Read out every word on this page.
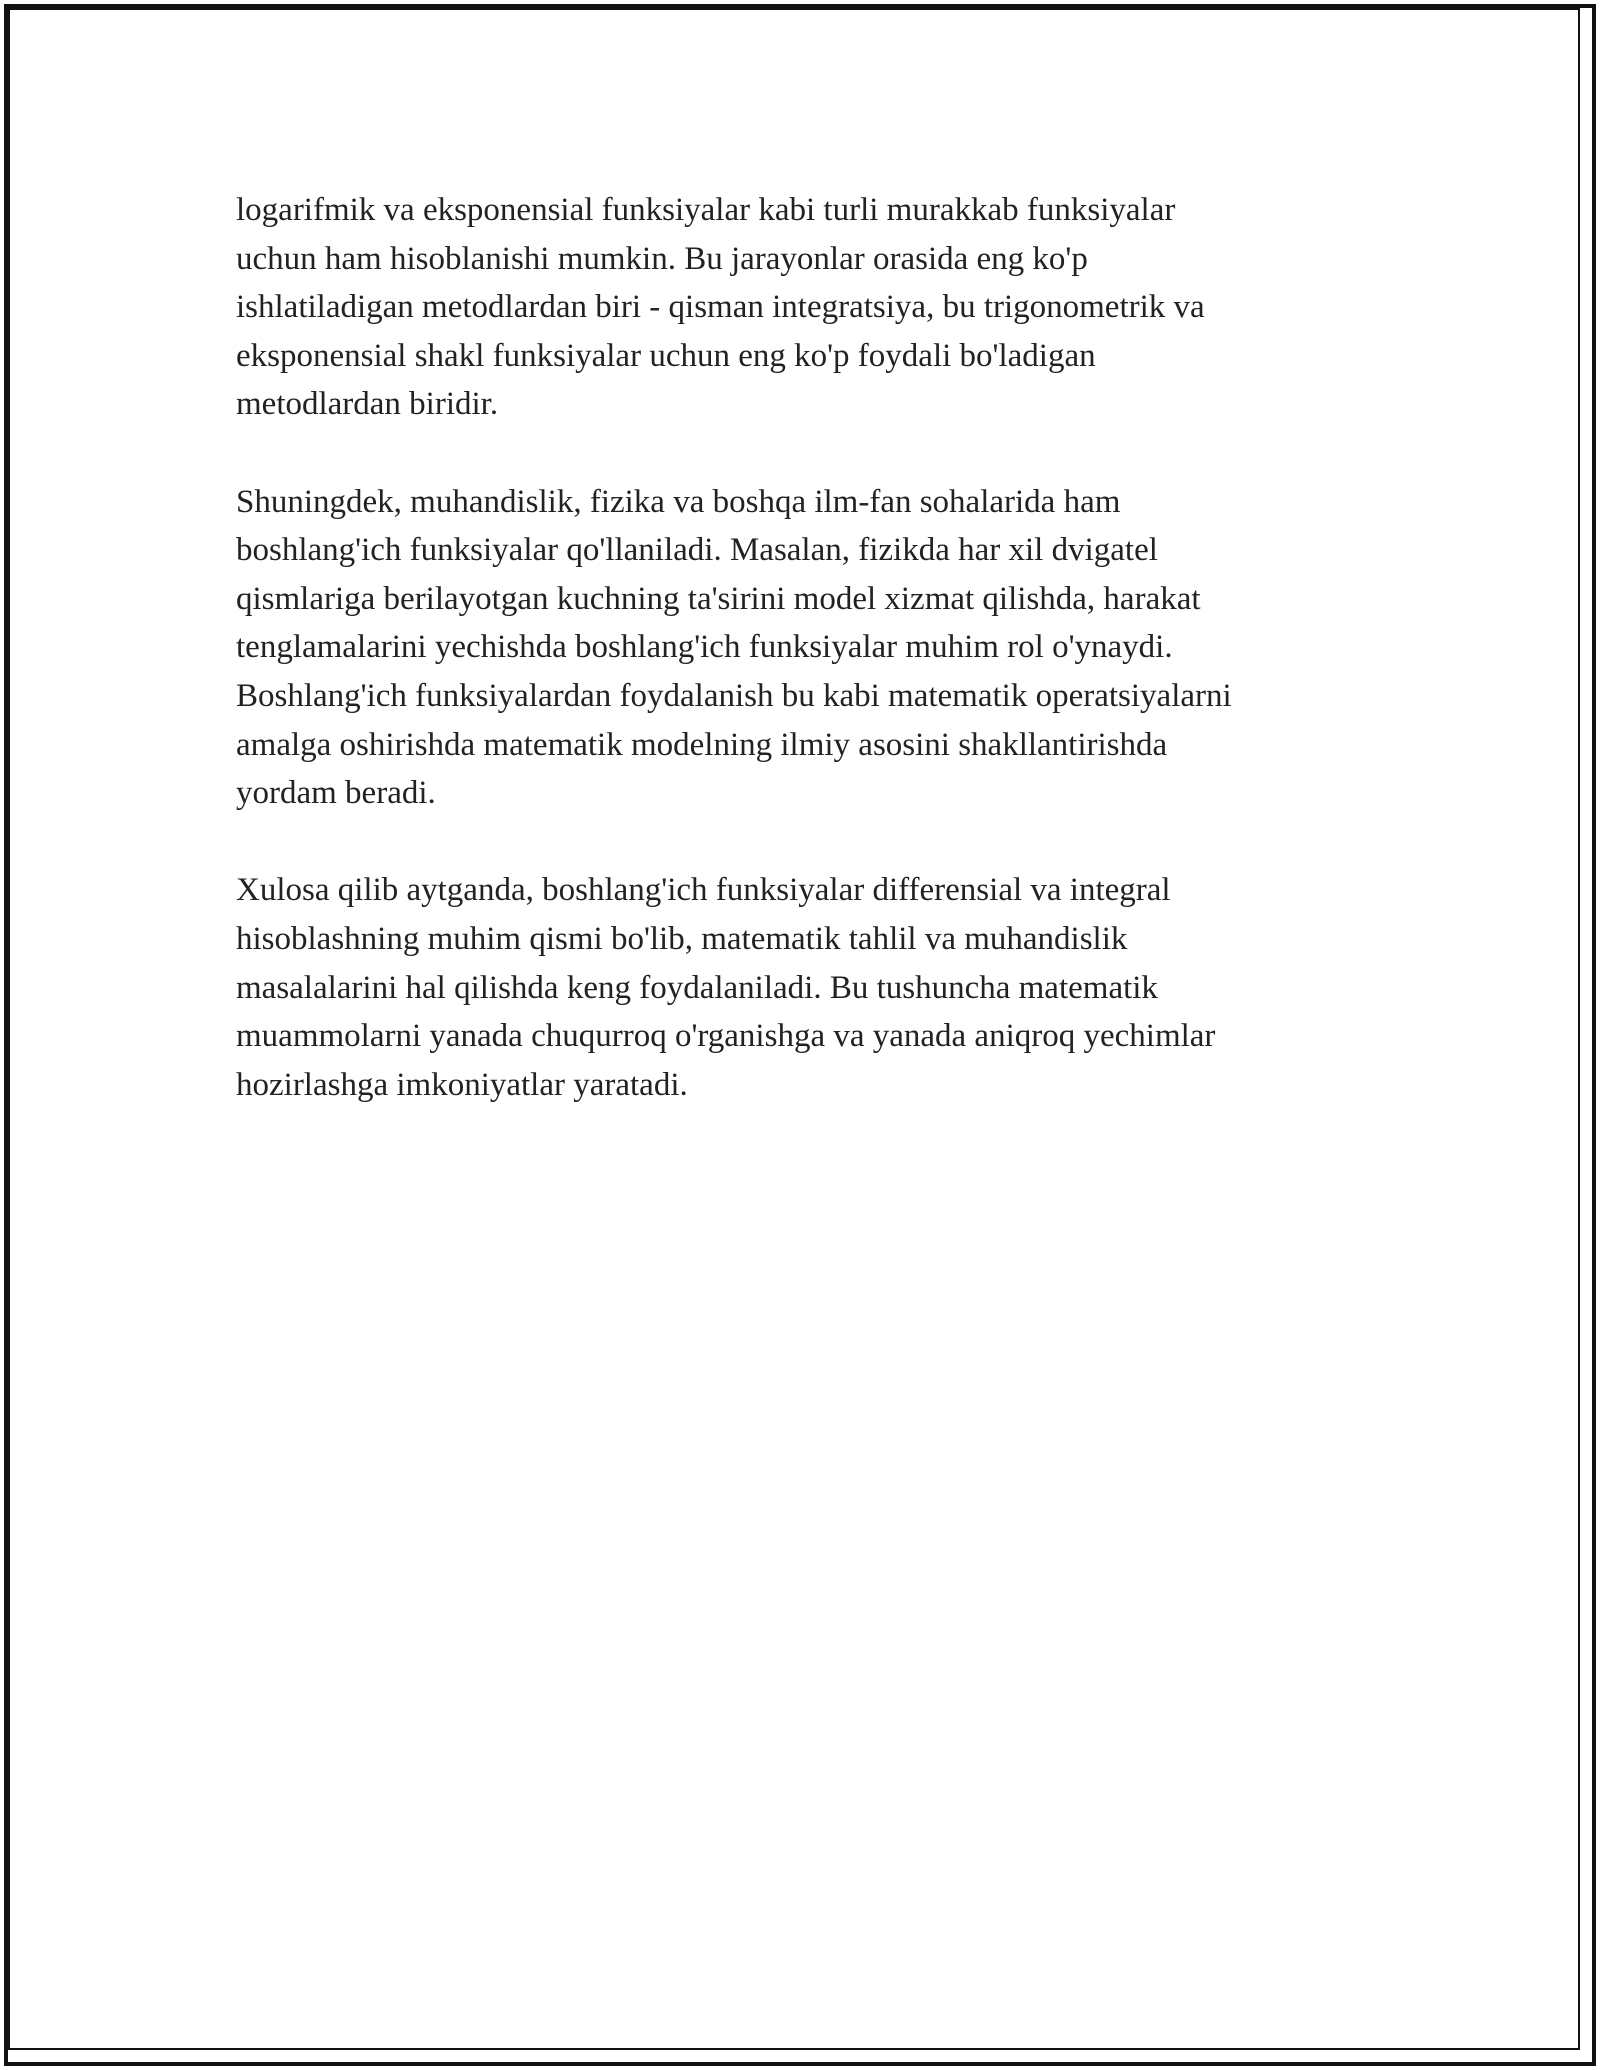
logarifmik va eksponensial funksiyalar kabi turli murakkab funksiyalar
uchun ham hisoblanishi mumkin. Bu jarayonlar orasida eng ko'p
ishlatiladigan metodlardan biri - qisman integratsiya, bu trigonometrik va
eksponensial shakl funksiyalar uchun eng ko'p foydali bo'ladigan
metodlardan biridir.

Shuningdek, muhandislik, fizika va boshqa ilm-fan sohalarida ham
boshlang'ich funksiyalar qo'llaniladi. Masalan, fizikda har xil dvigatel
qismlariga berilayotgan kuchning ta'sirini model xizmat qilishda, harakat
tenglamalarini yechishda boshlang'ich funksiyalar muhim rol o'ynaydi.
Boshlang'ich funksiyalardan foydalanish bu kabi matematik operatsiyalarni
amalga oshirishda matematik modelning ilmiy asosini shakllantirishda
yordam beradi.

Xulosa qilib aytganda, boshlang'ich funksiyalar differensial va integral
hisoblashning muhim qismi bo'lib, matematik tahlil va muhandislik
masalalarini hal qilishda keng foydalaniladi. Bu tushuncha matematik
muammolarni yanada chuqurroq o'rganishga va yanada aniqroq yechimlar
hozirlashga imkoniyatlar yaratadi.
